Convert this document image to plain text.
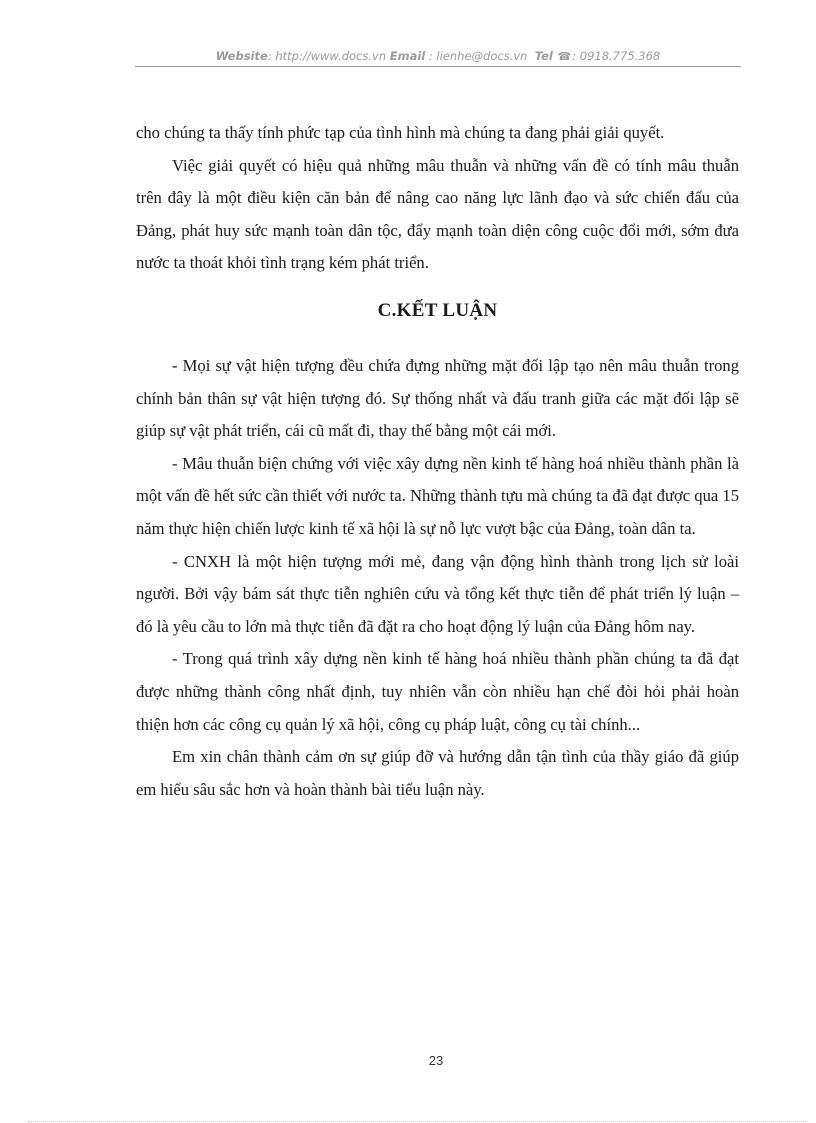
Website: http://www.docs.vn Email : lienhe@docs.vn Tel ☎: 0918.775.368

cho chúng ta thấy tính phức tạp của tình hình mà chúng ta đang phải giải quyết.

Việc giải quyết có hiệu quả những mâu thuẫn và những vấn đề có tính mâu thuẫn trên đây là một điều kiện căn bản để nâng cao năng lực lãnh đạo và sức chiến đấu của Đảng, phát huy sức mạnh toàn dân tộc, đẩy mạnh toàn diện công cuộc đổi mới, sớm đưa nước ta thoát khỏi tình trạng kém phát triển.

C.KẾT LUẬN

- Mọi sự vật hiện tượng đều chứa đựng những mặt đối lập tạo nên mâu thuẫn trong chính bản thân sự vật hiện tượng đó. Sự thống nhất và đấu tranh giữa các mặt đối lập sẽ giúp sự vật phát triển, cái cũ mất đi, thay thế bằng một cái mới.

- Mâu thuẫn biện chứng với việc xây dựng nền kinh tế hàng hoá nhiều thành phần là một vấn đề hết sức cần thiết với nước ta. Những thành tựu mà chúng ta đã đạt được qua 15 năm thực hiện chiến lược kinh tế xã hội là sự nỗ lực vượt bậc của Đảng, toàn dân ta.

- CNXH là một hiện tượng mới mẻ, đang vận động hình thành trong lịch sử loài người. Bởi vậy bám sát thực tiễn nghiên cứu và tổng kết thực tiễn để phát triển lý luận – đó là yêu cầu to lớn mà thực tiễn đã đặt ra cho hoạt động lý luận của Đảng hôm nay.

- Trong quá trình xây dựng nền kinh tế hàng hoá nhiều thành phần chúng ta đã đạt được những thành công nhất định, tuy nhiên vẫn còn nhiều hạn chế đòi hỏi phải hoàn thiện hơn các công cụ quản lý xã hội, công cụ pháp luật, công cụ tài chính...

Em xin chân thành cảm ơn sự giúp đỡ và hướng dẫn tận tình của thầy giáo đã giúp em hiểu sâu sắc hơn và hoàn thành bài tiểu luận này.

23
